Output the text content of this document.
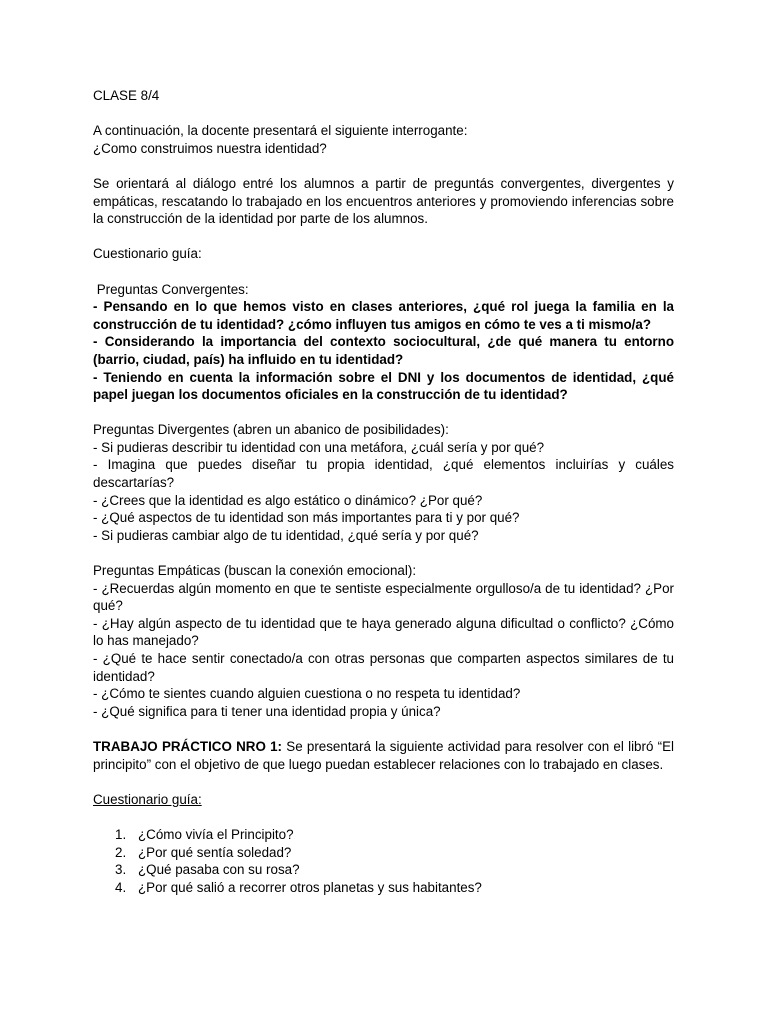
CLASE 8/4

A continuación, la docente presentará el siguiente interrogante:

¿Como construimos nuestra identidad?

Se orientará al diálogo entré los alumnos a partir de preguntás convergentes, divergentes y empáticas, rescatando lo trabajado en los encuentros anteriores y promoviendo inferencias sobre la construcción de la identidad por parte de los alumnos.

Cuestionario guía:

Preguntas Convergentes:

- Pensando en lo que hemos visto en clases anteriores, ¿qué rol juega la familia en la construcción de tu identidad? ¿cómo influyen tus amigos en cómo te ves a ti mismo/a?

- Considerando la importancia del contexto sociocultural, ¿de qué manera tu entorno (barrio, ciudad, país) ha influido en tu identidad?

- Teniendo en cuenta la información sobre el DNI y los documentos de identidad, ¿qué papel juegan los documentos oficiales en la construcción de tu identidad?

Preguntas Divergentes (abren un abanico de posibilidades):

- Si pudieras describir tu identidad con una metáfora, ¿cuál sería y por qué?

- Imagina que puedes diseñar tu propia identidad, ¿qué elementos incluirías y cuáles descartarías?

- ¿Crees que la identidad es algo estático o dinámico? ¿Por qué?

- ¿Qué aspectos de tu identidad son más importantes para ti y por qué?

- Si pudieras cambiar algo de tu identidad, ¿qué sería y por qué?

Preguntas Empáticas (buscan la conexión emocional):

- ¿Recuerdas algún momento en que te sentiste especialmente orgulloso/a de tu identidad? ¿Por qué?

- ¿Hay algún aspecto de tu identidad que te haya generado alguna dificultad o conflicto? ¿Cómo lo has manejado?

- ¿Qué te hace sentir conectado/a con otras personas que comparten aspectos similares de tu identidad?

- ¿Cómo te sientes cuando alguien cuestiona o no respeta tu identidad?

- ¿Qué significa para ti tener una identidad propia y única?

TRABAJO PRÁCTICO NRO 1: Se presentará la siguiente actividad para resolver con el libró “El principito” con el objetivo de que luego puedan establecer relaciones con lo trabajado en clases.

Cuestionario guía:

1. ¿Cómo vivía el Principito?
2. ¿Por qué sentía soledad?
3. ¿Qué pasaba con su rosa?
4. ¿Por qué salió a recorrer otros planetas y sus habitantes?
